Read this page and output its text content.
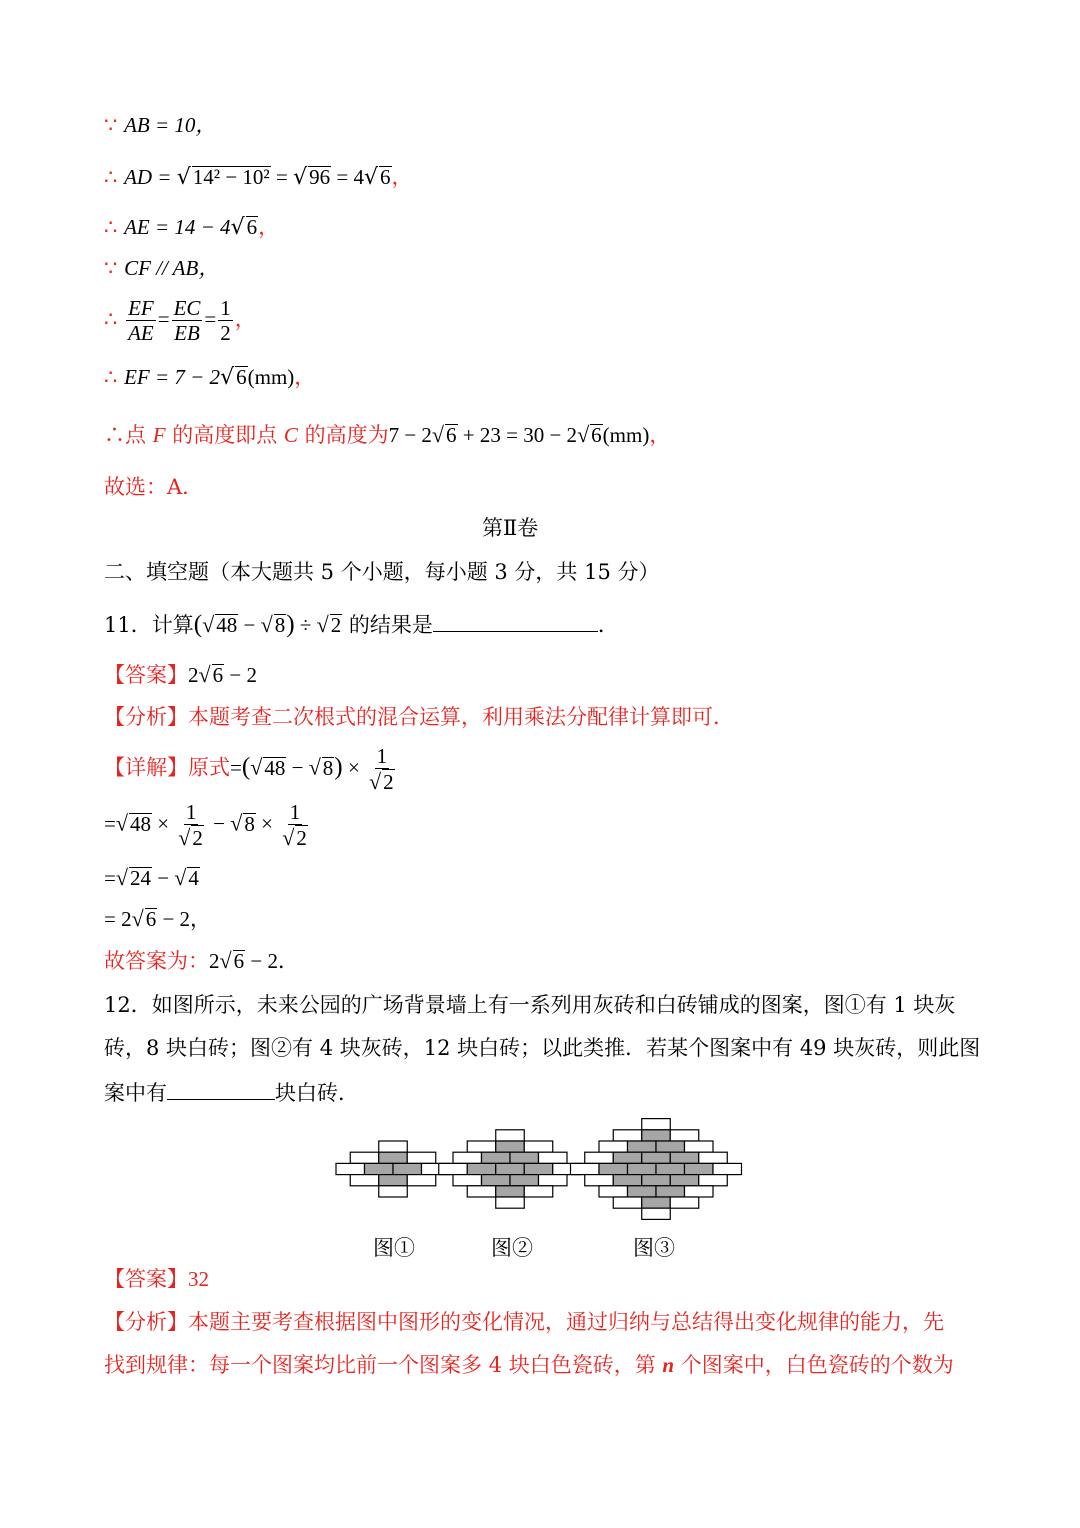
∵ AB = 10，
∴ AD = √14² − 10² = √96 = 4√6，
∴ AE = 14 − 4√6，
∵ CF // AB，
∴ $\frac{EF}{AE} = \frac{EC}{EB} = \frac{1}{2}$ ，
∴ EF = 7 − 2√6(mm)，
∴点 F 的高度即点 C 的高度为7 − 2√6 + 23 = 30 − 2√6(mm)，
故选：A．
第Ⅱ卷
二、填空题（本大题共 5 个小题，每小题 3 分，共 15 分）
11．计算(√48 − √8) ÷ √2 的结果是	．
【答案】2√6 − 2
【分析】本题考查二次根式的混合运算，利用乘法分配律计算即可．
【详解】原式$=(√48 - √8) \times \frac{1}{√2}$
$=√48 \times \frac{1}{√2} - √8 \times \frac{1}{√2}$
=√24 − √4
= 2√6 − 2，
故答案为：2√6 − 2．
12．如图所示，未来公园的广场背景墙上有一系列用灰砖和白砖铺成的图案，图①有 1 块灰
砖，8 块白砖；图②有 4 块灰砖，12 块白砖；以此类推．若某个图案中有 49 块灰砖，则此图
案中有	块白砖．
图①	图②	图③
【答案】32
【分析】本题主要考查根据图中图形的变化情况，通过归纳与总结得出变化规律的能力，先
找到规律：每一个图案均比前一个图案多 4 块白色瓷砖，第 n 个图案中，白色瓷砖的个数为
